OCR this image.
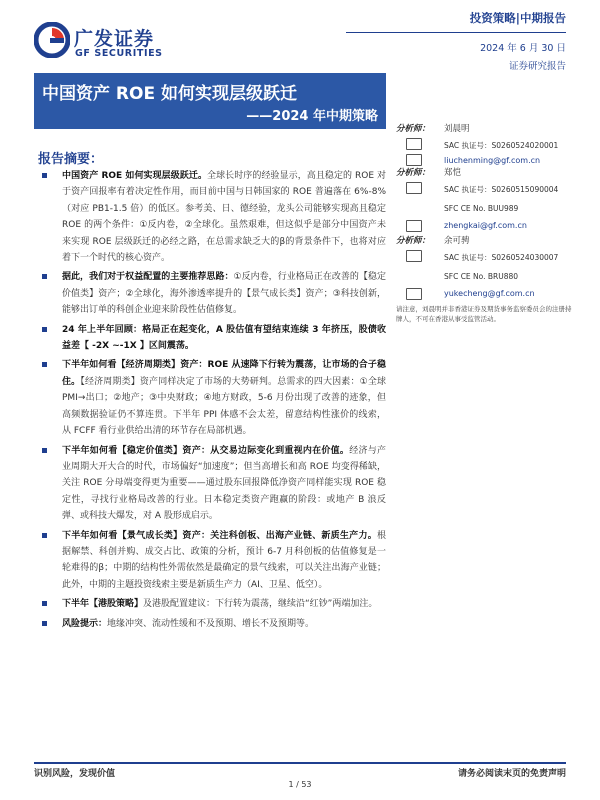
广发证券
GF SECURITIES
投资策略|中期报告
2024 年 6 月 30 日
证券研究报告
中国资产 ROE 如何实现层级跃迁
——2024 年中期策略
报告摘要：
中国资产 ROE 如何实现层级跃迁。全球长时序的经验显示，高且稳定的 ROE 对于资产回报率有着决定性作用，而目前中国与日韩国家的 ROE 普遍落在 6%-8%（对应 PB1-1.5 倍）的低区。参考美、日、德经验，龙头公司能够实现高且稳定 ROE 的两个条件：①反内卷，②全球化。虽然艰难，但这似乎是部分中国资产未来实现 ROE 层级跃迁的必经之路，在总需求缺乏大的β的背景条件下，也将对应着下一个时代的核心资产。
据此，我们对于权益配置的主要推荐思路：①反内卷，行业格局正在改善的【稳定价值类】资产；②全球化，海外渗透率提升的【景气成长类】资产；③科技创新，能够出订单的科创企业迎来阶段性估值修复。
24 年上半年回顾：格局正在起变化，A 股估值有望结束连续 3 年挤压，股债收益差【 -2X ~-1X 】区间震荡。
下半年如何看【经济周期类】资产：ROE 从速降下行转为震荡，让市场的合子稳住。【经济周期类】资产同样决定了市场的大势研判。总需求的四大因素：①全球 PMI→出口；②地产；③中央财政；④地方财政，5-6 月份出现了改善的迹象，但高频数据验证仍不算连贯。下半年 PPI 体感不会太差，留意结构性涨价的线索，从 FCFF 看行业供给出清的环节存在局部机遇。
下半年如何看【稳定价值类】资产：从交易边际变化到重视内在价值。经济与产业周期大开大合的时代，市场偏好“加速度”；但当高增长和高 ROE 均变得稀缺，关注 ROE 分母端变得更为重要——通过股东回报降低净资产同样能实现 ROE 稳定性，寻找行业格局改善的行业。日本稳定类资产跑赢的阶段：或地产 B 浪反弹、或科技大爆发，对 A 股形成启示。
下半年如何看【景气成长类】资产：关注科创板、出海产业链、新质生产力。根据解禁、科创并购、成交占比、政策的分析，预计 6-7 月科创板的估值修复是一轮难得的β；中期的结构性外需依然是最确定的景气线索，可以关注出海产业链；此外，中期的主题投资线索主要是新质生产力（AI、卫星、低空）。
下半年【港股策略】及港股配置建议：下行转为震荡，继续沿“红钞”两端加注。
风险提示：地缘冲突、流动性缓和不及预期、增长不及预期等。
分析师： 刘晨明
SAC 执证号：S0260524020001
liuchenming@gf.com.cn
分析师： 郑恺
SAC 执证号：S0260515090004
SFC CE No. BUU989
zhengkai@gf.com.cn
分析师： 余可骋
SAC 执证号：S0260524030007
SFC CE No. BRU880
yukecheng@gf.com.cn
请注意，刘晨明并非香港证券及期货事务监察委员会的注册持牌人，不可在香港从事受监管活动。
识别风险，发现价值	请务必阅读末页的免责声明
1 / 53
